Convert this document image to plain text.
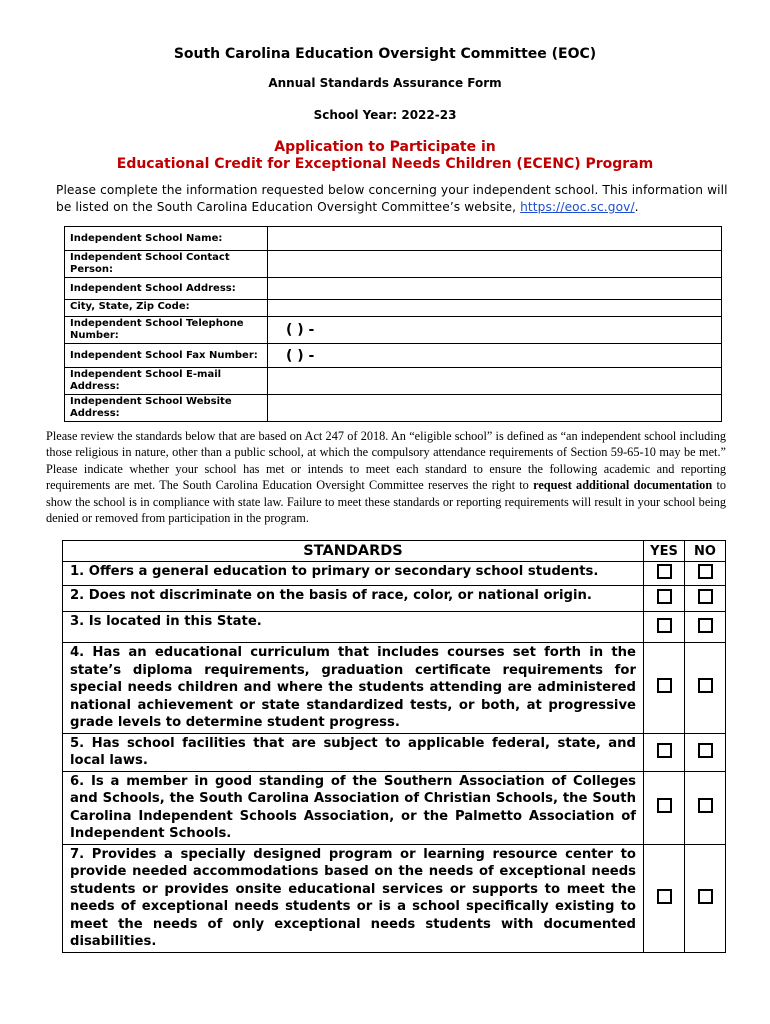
South Carolina Education Oversight Committee (EOC)
Annual Standards Assurance Form
School Year: 2022-23
Application to Participate in
Educational Credit for Exceptional Needs Children (ECENC) Program
Please complete the information requested below concerning your independent school. This information will be listed on the South Carolina Education Oversight Committee’s website, https://eoc.sc.gov/.
Independent School Name:	
Independent School Contact Person:	
Independent School Address:	
City, State, Zip Code:	
Independent School Telephone Number:	( ) -
Independent School Fax Number:	( ) -
Independent School E-mail Address:	
Independent School Website Address:	
Please review the standards below that are based on Act 247 of 2018. An “eligible school” is defined as “an independent school including those religious in nature, other than a public school, at which the compulsory attendance requirements of Section 59-65-10 may be met.” Please indicate whether your school has met or intends to meet each standard to ensure the following academic and reporting requirements are met. The South Carolina Education Oversight Committee reserves the right to request additional documentation to show the school is in compliance with state law. Failure to meet these standards or reporting requirements will result in your school being denied or removed from participation in the program.
STANDARDS	YES	NO
1. Offers a general education to primary or secondary school students.		
2. Does not discriminate on the basis of race, color, or national origin.		
3. Is located in this State.		
4. Has an educational curriculum that includes courses set forth in the state’s diploma requirements, graduation certificate requirements for special needs children and where the students attending are administered national achievement or state standardized tests, or both, at progressive grade levels to determine student progress.		
5. Has school facilities that are subject to applicable federal, state, and local laws.		
6. Is a member in good standing of the Southern Association of Colleges and Schools, the South Carolina Association of Christian Schools, the South Carolina Independent Schools Association, or the Palmetto Association of Independent Schools.		
7. Provides a specially designed program or learning resource center to provide needed accommodations based on the needs of exceptional needs students or provides onsite educational services or supports to meet the needs of exceptional needs students or is a school specifically existing to meet the needs of only exceptional needs students with documented disabilities.		
